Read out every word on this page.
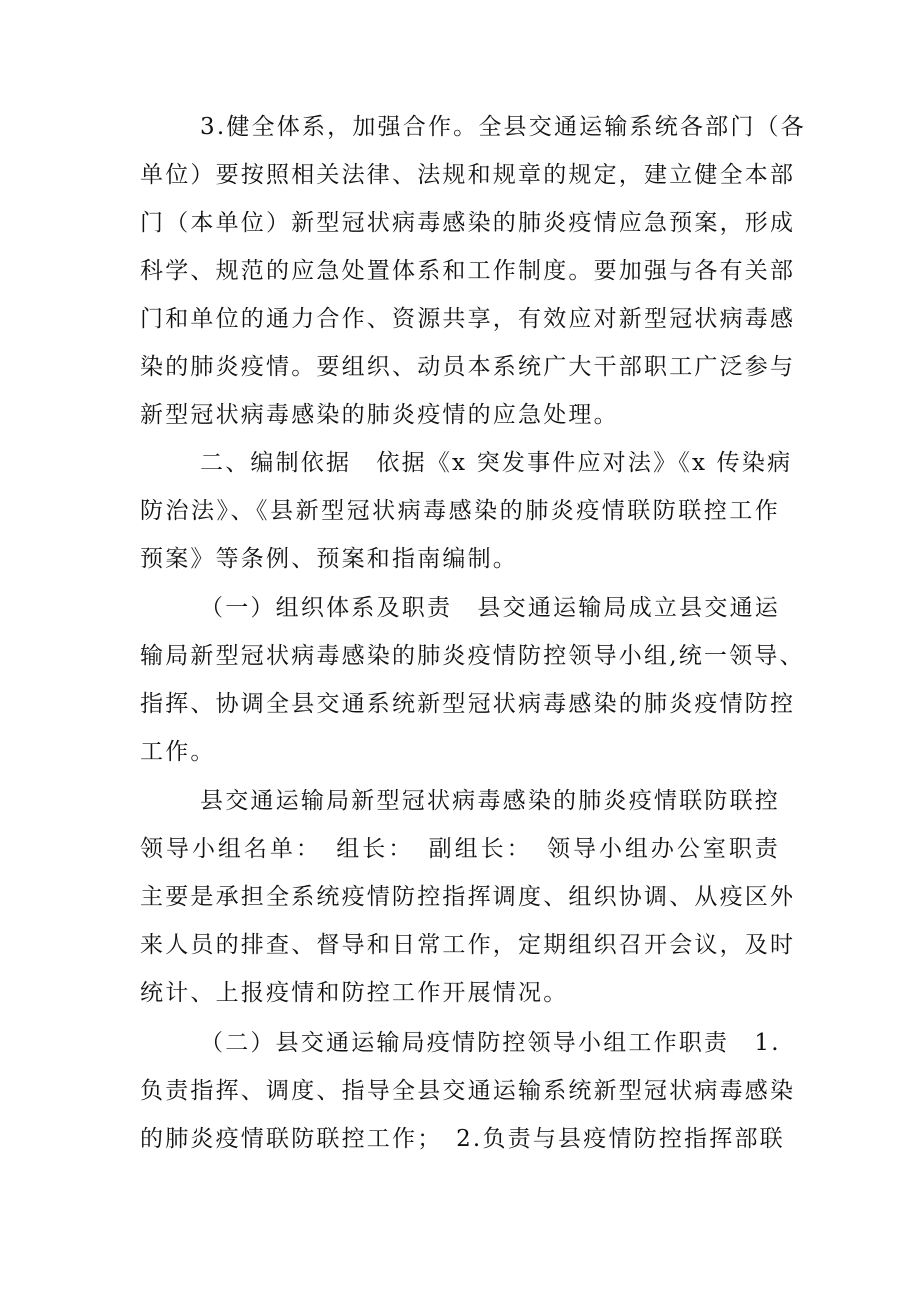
3.健全体系，加强合作。全县交通运输系统各部门（各
单位）要按照相关法律、法规和规章的规定，建立健全本部
门（本单位）新型冠状病毒感染的肺炎疫情应急预案，形成
科学、规范的应急处置体系和工作制度。要加强与各有关部
门和单位的通力合作、资源共享，有效应对新型冠状病毒感
染的肺炎疫情。要组织、动员本系统广大干部职工广泛参与
新型冠状病毒感染的肺炎疫情的应急处理。
二、编制依据　依据《x 突发事件应对法》《x 传染病
防治法》、《县新型冠状病毒感染的肺炎疫情联防联控工作
预案》等条例、预案和指南编制。
（一）组织体系及职责　县交通运输局成立县交通运
输局新型冠状病毒感染的肺炎疫情防控领导小组,统一领导、
指挥、协调全县交通系统新型冠状病毒感染的肺炎疫情防控
工作。
县交通运输局新型冠状病毒感染的肺炎疫情联防联控
领导小组名单：　组长：　副组长：　领导小组办公室职责
主要是承担全系统疫情防控指挥调度、组织协调、从疫区外
来人员的排查、督导和日常工作，定期组织召开会议，及时
统计、上报疫情和防控工作开展情况。
（二）县交通运输局疫情防控领导小组工作职责　1.
负责指挥、调度、指导全县交通运输系统新型冠状病毒感染
的肺炎疫情联防联控工作；　2.负责与县疫情防控指挥部联
